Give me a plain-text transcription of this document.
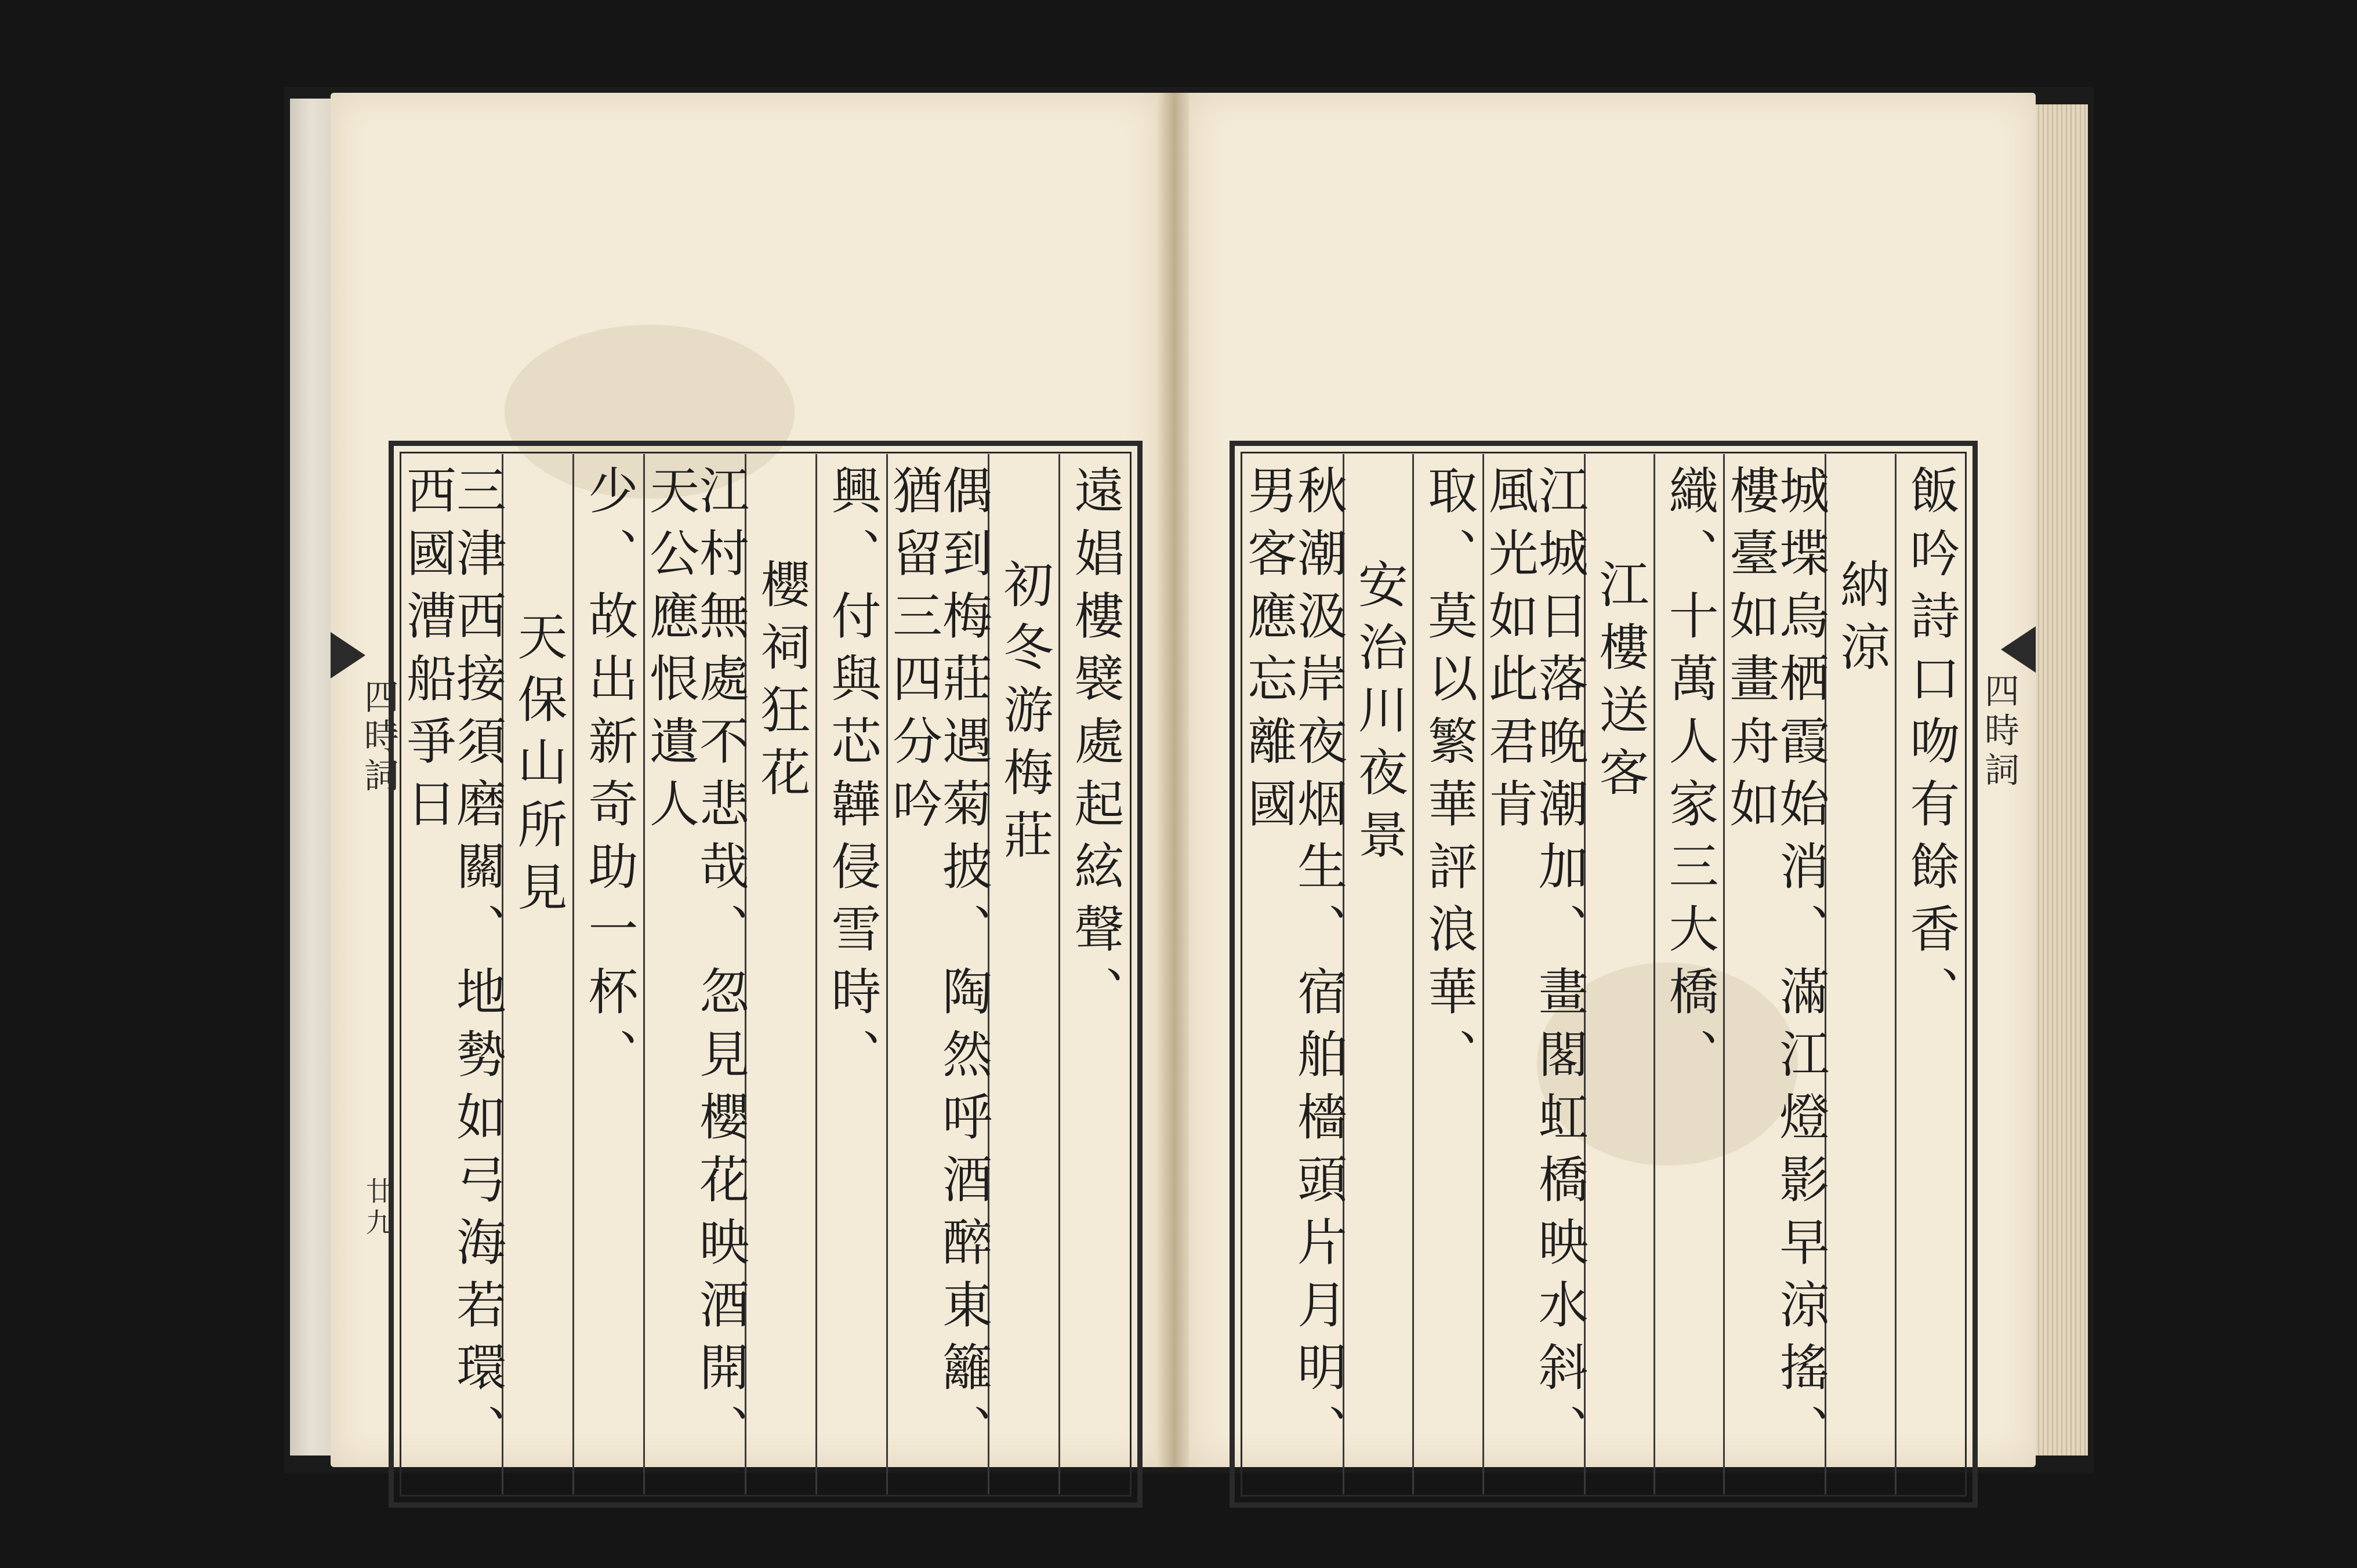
四時詞
廿九
遠娼樓襞處起絃聲、
初冬游梅莊
偶到梅莊遇菊披、陶然呼酒醉東籬、猶留三四分吟
興、付與芯韡侵雪時、
櫻祠狂花
江村無處不悲哉、忽見櫻花映酒開、天公應恨遺人
少、故出新奇助一杯、
天保山所見
三津西接須磨關、地勢如弓海若環、西國漕船爭日	四時詞
飯吟詩口吻有餘香、
納涼
城堞烏栖霞始消、滿江燈影早涼搖、樓臺如畫舟如
織、十萬人家三大橋、
江樓送客
江城日落晚潮加、畫閣虹橋映水斜、風光如此君肯
取、莫以繁華評浪華、
安治川夜景
秋潮汲岸夜烟生、宿舶檣頭片月明、男客應忘離國
